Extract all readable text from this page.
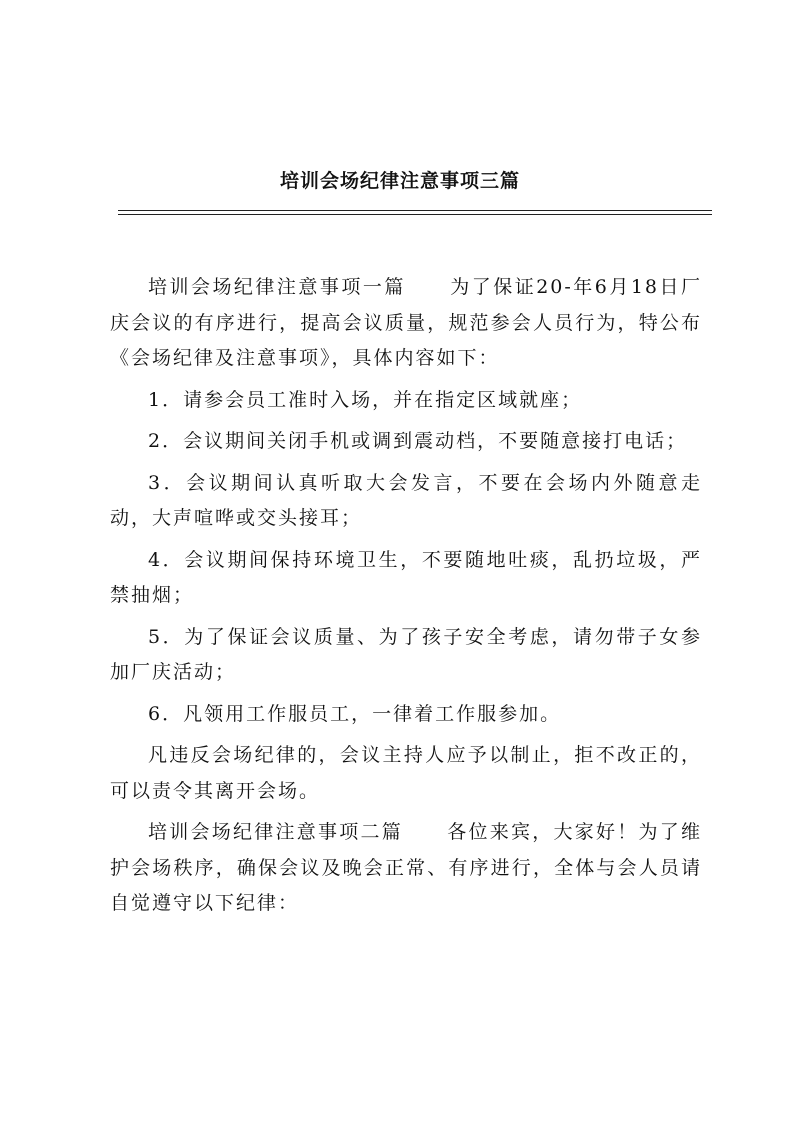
培训会场纪律注意事项三篇

培训会场纪律注意事项一篇 为了保证20-年6月18日厂庆会议的有序进行，提高会议质量，规范参会人员行为，特公布《会场纪律及注意事项》，具体内容如下：

1．请参会员工准时入场，并在指定区域就座；

2．会议期间关闭手机或调到震动档，不要随意接打电话；

3．会议期间认真听取大会发言，不要在会场内外随意走动，大声喧哗或交头接耳；

4．会议期间保持环境卫生，不要随地吐痰，乱扔垃圾，严禁抽烟；

5．为了保证会议质量、为了孩子安全考虑，请勿带子女参加厂庆活动；

6．凡领用工作服员工，一律着工作服参加。

凡违反会场纪律的，会议主持人应予以制止，拒不改正的，可以责令其离开会场。

培训会场纪律注意事项二篇 各位来宾，大家好！为了维护会场秩序，确保会议及晚会正常、有序进行，全体与会人员请自觉遵守以下纪律：
